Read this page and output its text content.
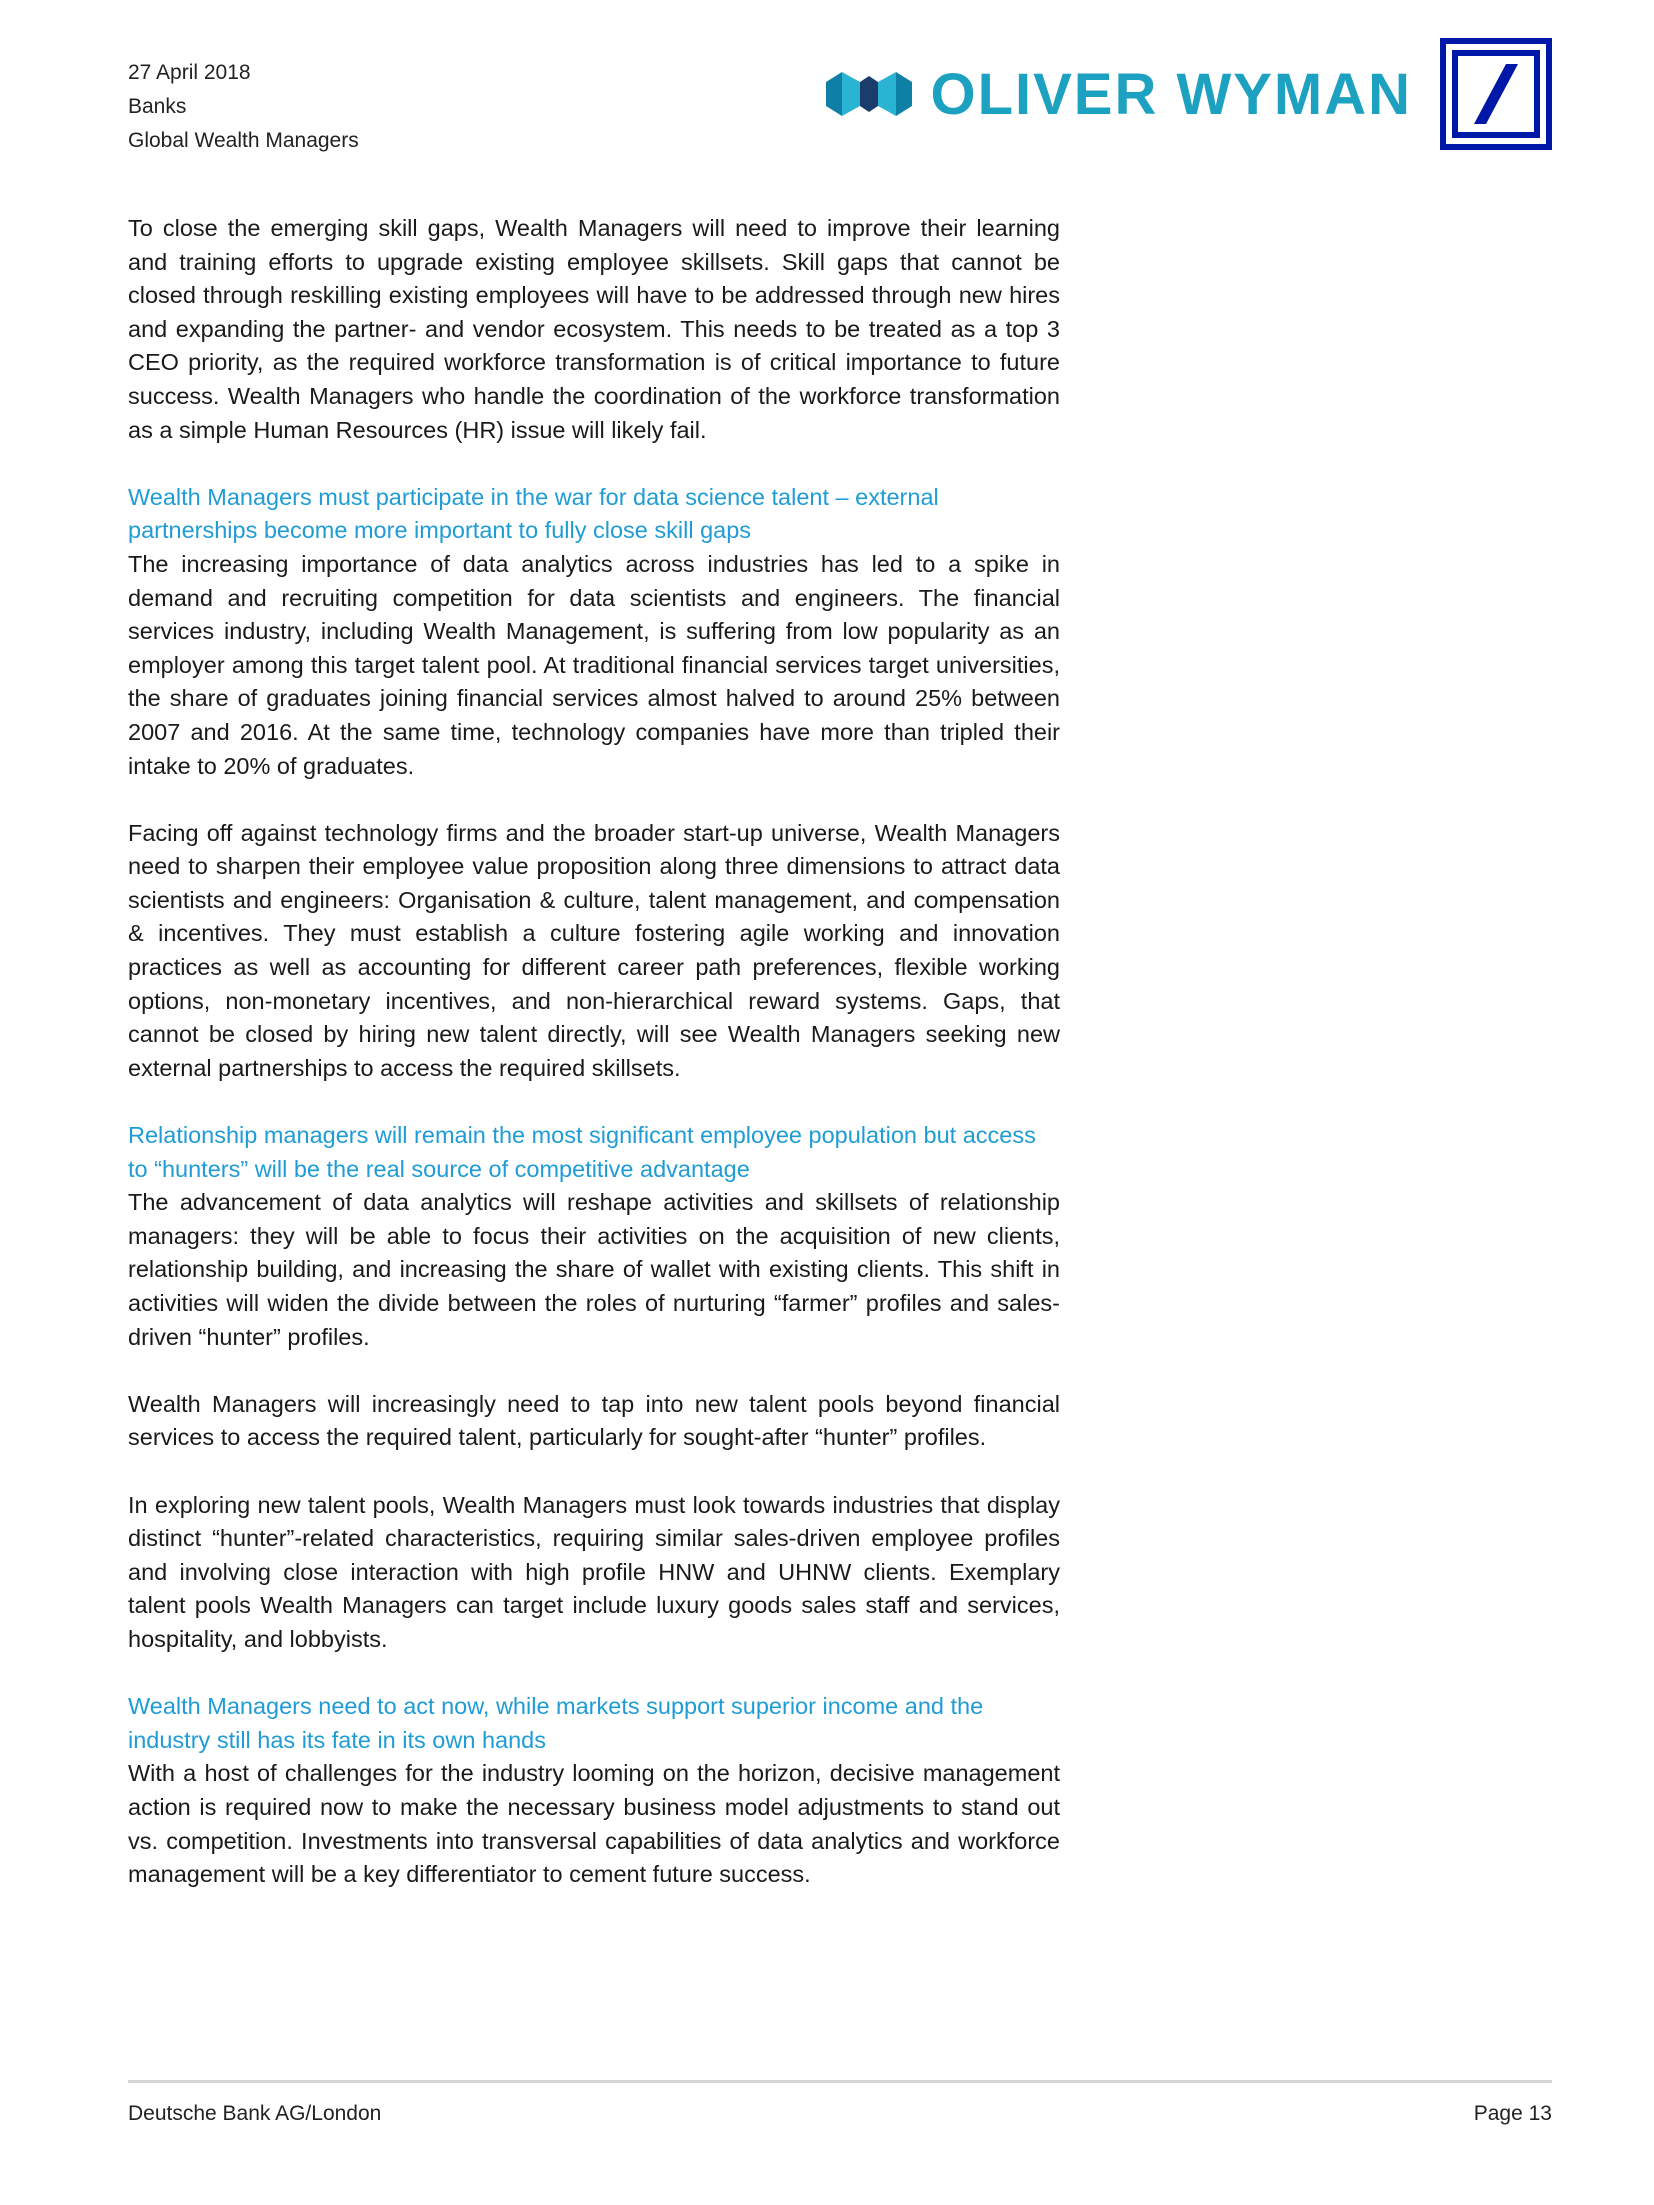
27 April 2018
Banks
Global Wealth Managers
OLIVER WYMAN

To close the emerging skill gaps, Wealth Managers will need to improve their learning and training efforts to upgrade existing employee skillsets. Skill gaps that cannot be closed through reskilling existing employees will have to be addressed through new hires and expanding the partner- and vendor ecosystem. This needs to be treated as a top 3 CEO priority, as the required workforce transformation is of critical importance to future success. Wealth Managers who handle the coordination of the workforce transformation as a simple Human Resources (HR) issue will likely fail.

Wealth Managers must participate in the war for data science talent – external partnerships become more important to fully close skill gaps

The increasing importance of data analytics across industries has led to a spike in demand and recruiting competition for data scientists and engineers. The financial services industry, including Wealth Management, is suffering from low popularity as an employer among this target talent pool. At traditional financial services target universities, the share of graduates joining financial services almost halved to around 25% between 2007 and 2016. At the same time, technology companies have more than tripled their intake to 20% of graduates.

Facing off against technology firms and the broader start-up universe, Wealth Managers need to sharpen their employee value proposition along three dimensions to attract data scientists and engineers: Organisation & culture, talent management, and compensation & incentives. They must establish a culture fostering agile working and innovation practices as well as accounting for different career path preferences, flexible working options, non-monetary incentives, and non-hierarchical reward systems. Gaps, that cannot be closed by hiring new talent directly, will see Wealth Managers seeking new external partnerships to access the required skillsets.

Relationship managers will remain the most significant employee population but access to “hunters” will be the real source of competitive advantage

The advancement of data analytics will reshape activities and skillsets of relationship managers: they will be able to focus their activities on the acquisition of new clients, relationship building, and increasing the share of wallet with existing clients. This shift in activities will widen the divide between the roles of nurturing “farmer” profiles and sales-driven “hunter” profiles.

Wealth Managers will increasingly need to tap into new talent pools beyond financial services to access the required talent, particularly for sought-after “hunter” profiles.

In exploring new talent pools, Wealth Managers must look towards industries that display distinct “hunter”-related characteristics, requiring similar sales-driven employee profiles and involving close interaction with high profile HNW and UHNW clients. Exemplary talent pools Wealth Managers can target include luxury goods sales staff and services, hospitality, and lobbyists.

Wealth Managers need to act now, while markets support superior income and the industry still has its fate in its own hands

With a host of challenges for the industry looming on the horizon, decisive management action is required now to make the necessary business model adjustments to stand out vs. competition. Investments into transversal capabilities of data analytics and workforce management will be a key differentiator to cement future success.

Deutsche Bank AG/London	Page 13
